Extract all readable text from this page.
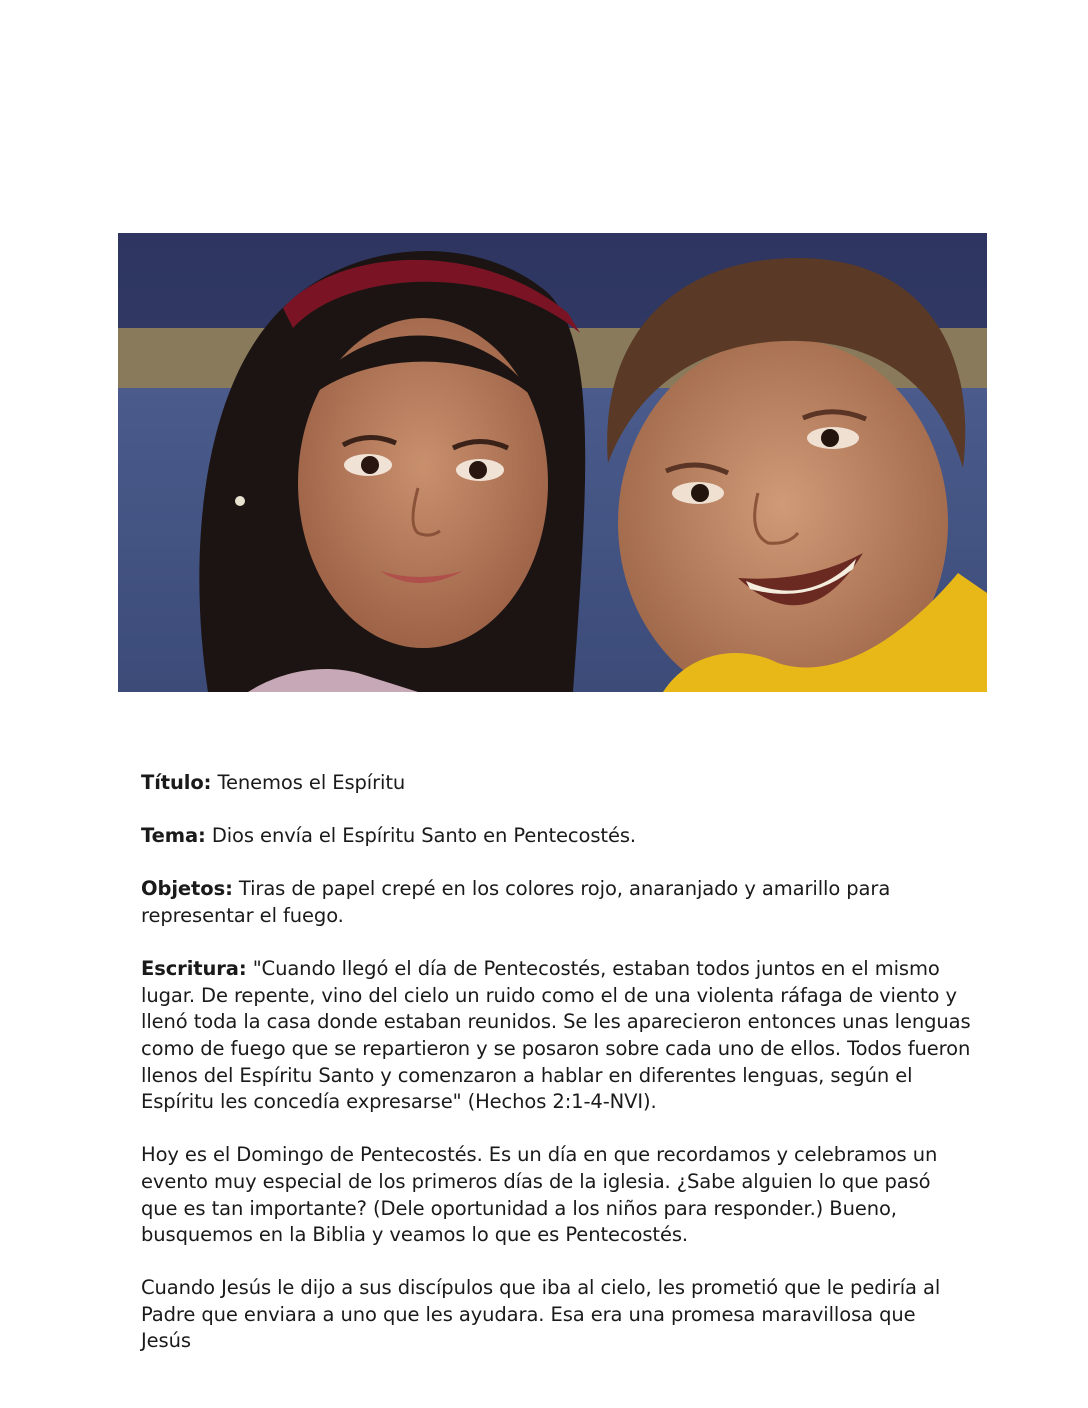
Título: Tenemos el Espíritu

Tema: Dios envía el Espíritu Santo en Pentecostés.

Objetos: Tiras de papel crepé en los colores rojo, anaranjado y amarillo para representar el fuego.

Escritura: "Cuando llegó el día de Pentecostés, estaban todos juntos en el mismo lugar. De repente, vino del cielo un ruido como el de una violenta ráfaga de viento y llenó toda la casa donde estaban reunidos. Se les aparecieron entonces unas lenguas como de fuego que se repartieron y se posaron sobre cada uno de ellos. Todos fueron llenos del Espíritu Santo y comenzaron a hablar en diferentes lenguas, según el Espíritu les concedía expresarse" (Hechos 2:1-4-NVI).

Hoy es el Domingo de Pentecostés. Es un día en que recordamos y celebramos un evento muy especial de los primeros días de la iglesia. ¿Sabe alguien lo que pasó que es tan importante? (Dele oportunidad a los niños para responder.) Bueno, busquemos en la Biblia y veamos lo que es Pentecostés.

Cuando Jesús le dijo a sus discípulos que iba al cielo, les prometió que le pediría al Padre que enviara a uno que les ayudara. Esa era una promesa maravillosa que Jesús
